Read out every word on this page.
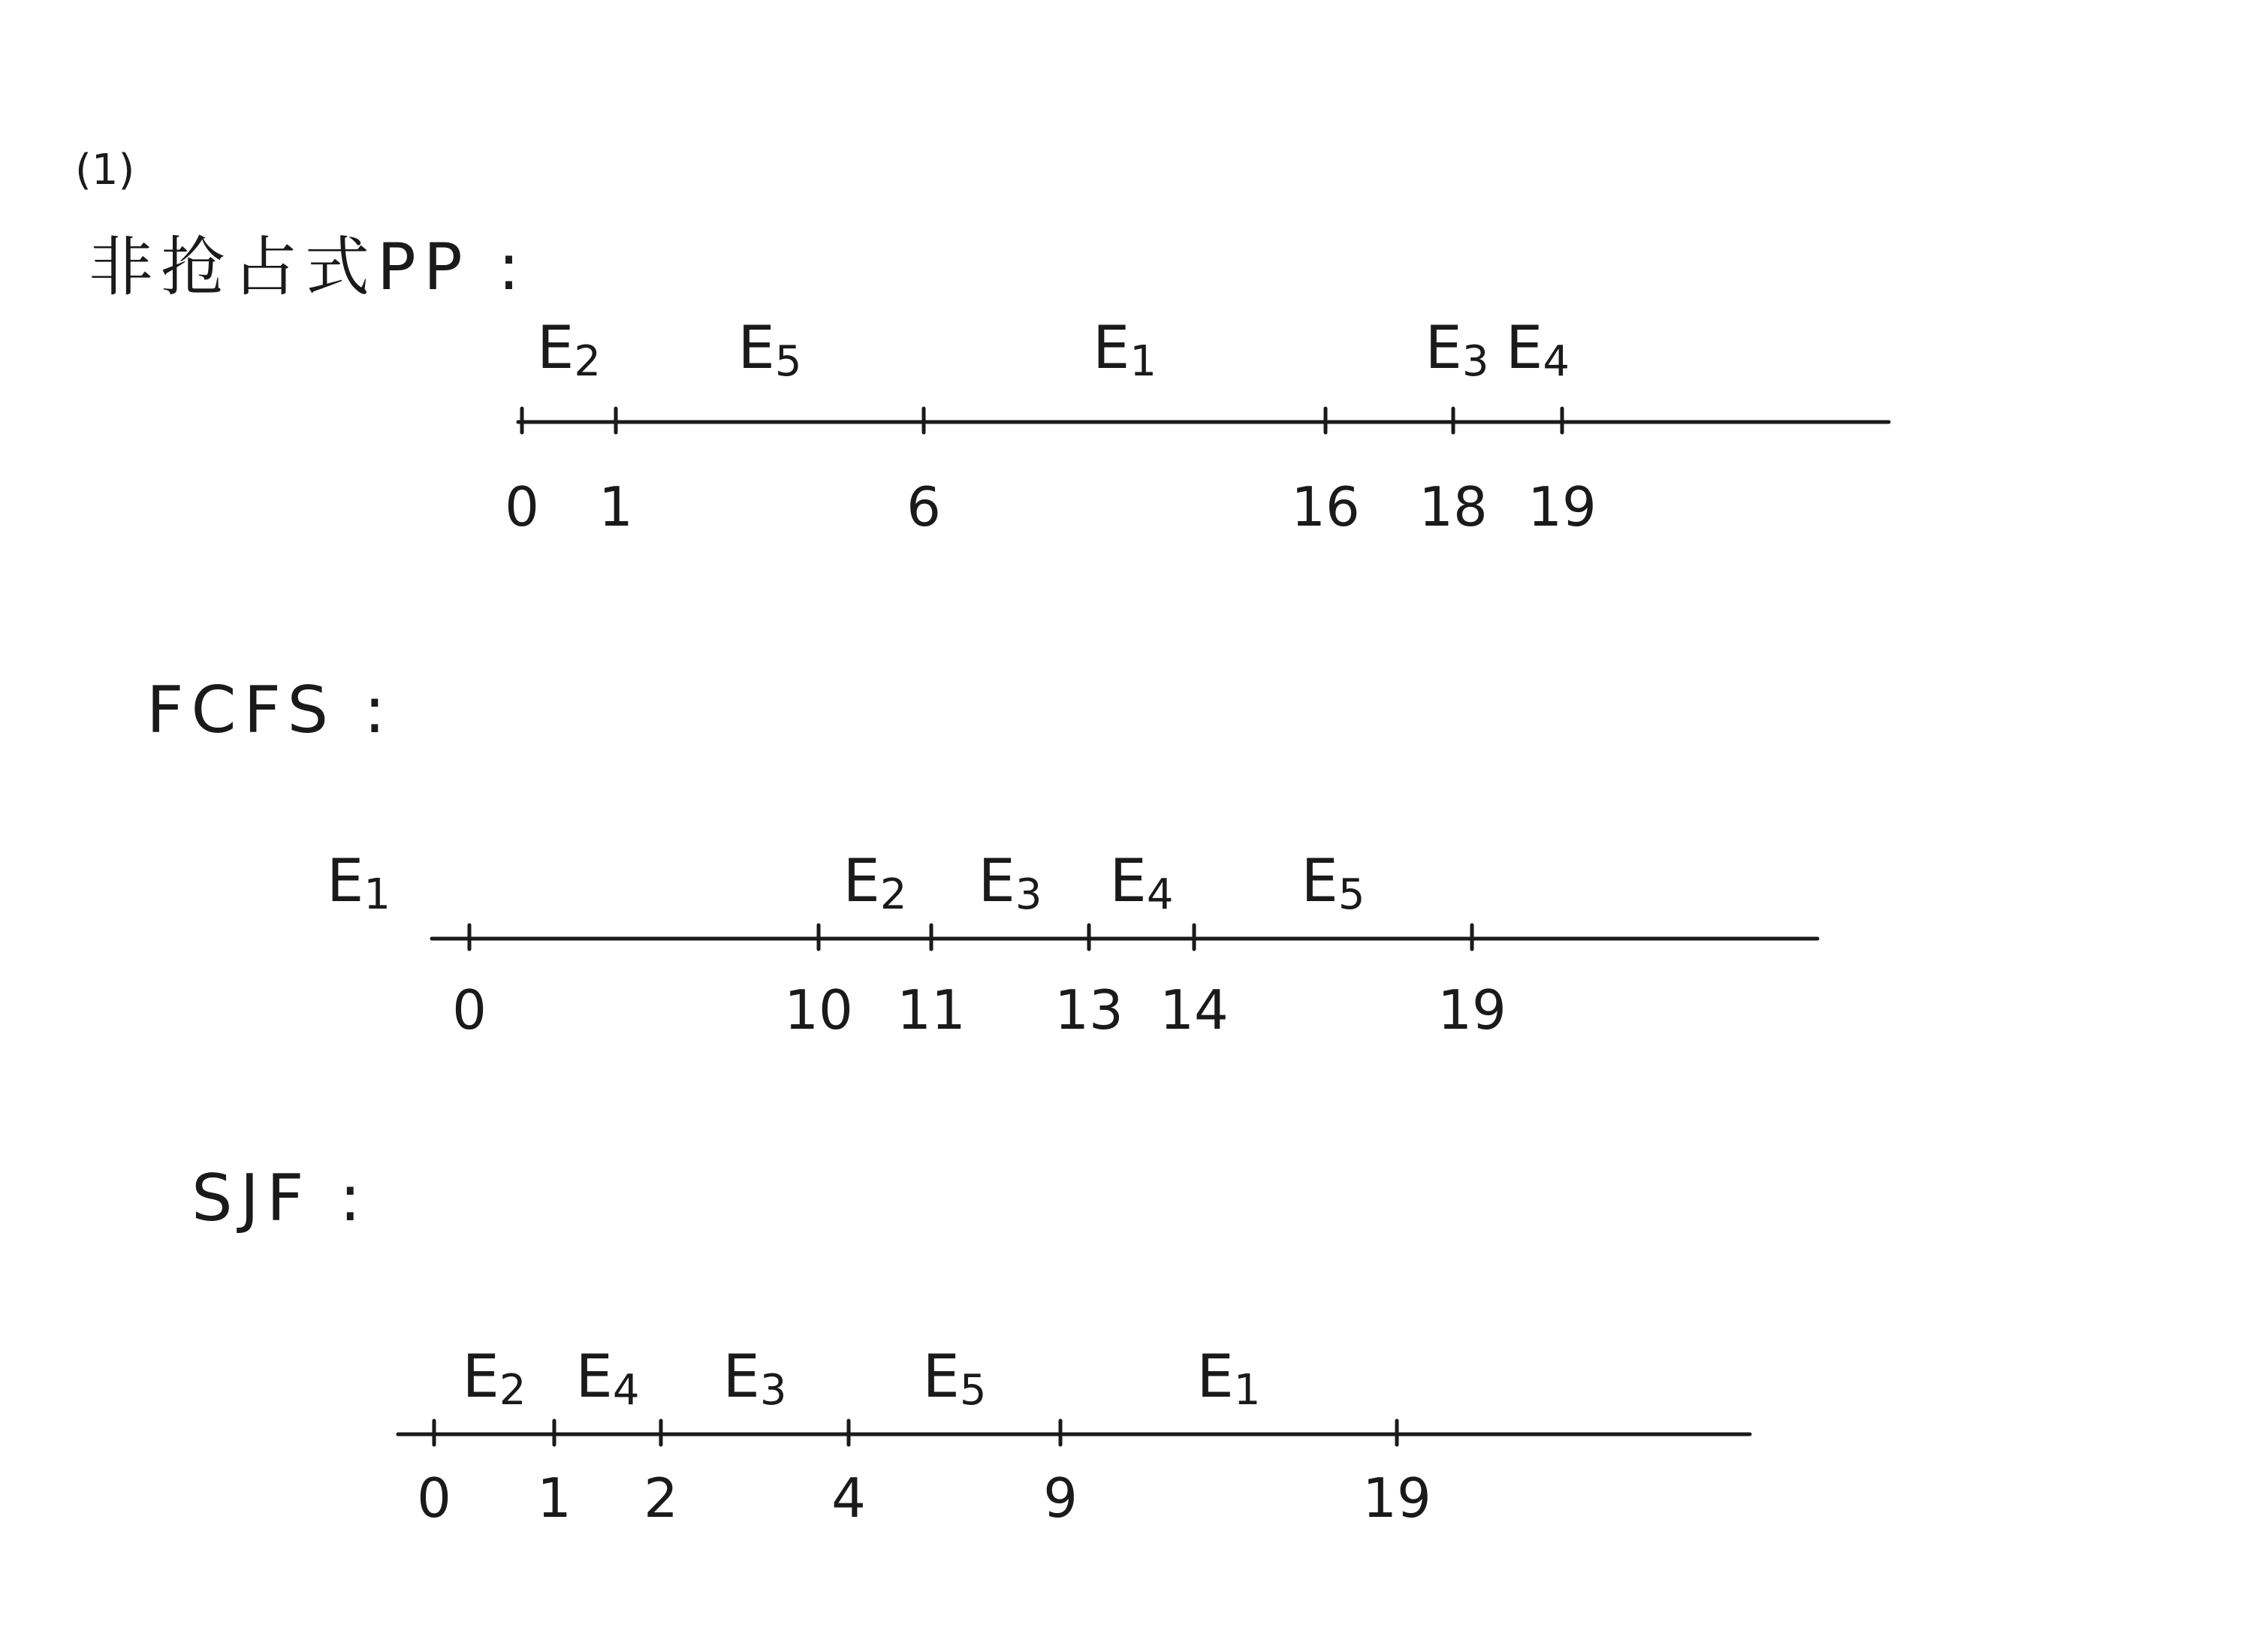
(1)
非抢占式PP :
0 1	6	16 18 19
E2 E5	E1	E3 E4
FCFS :
0	10 11 13 14	19
E1	E2 E3 E4 E5
SJF :
0 1 2	4	9	19
E2 E4 E3 E5	E1
